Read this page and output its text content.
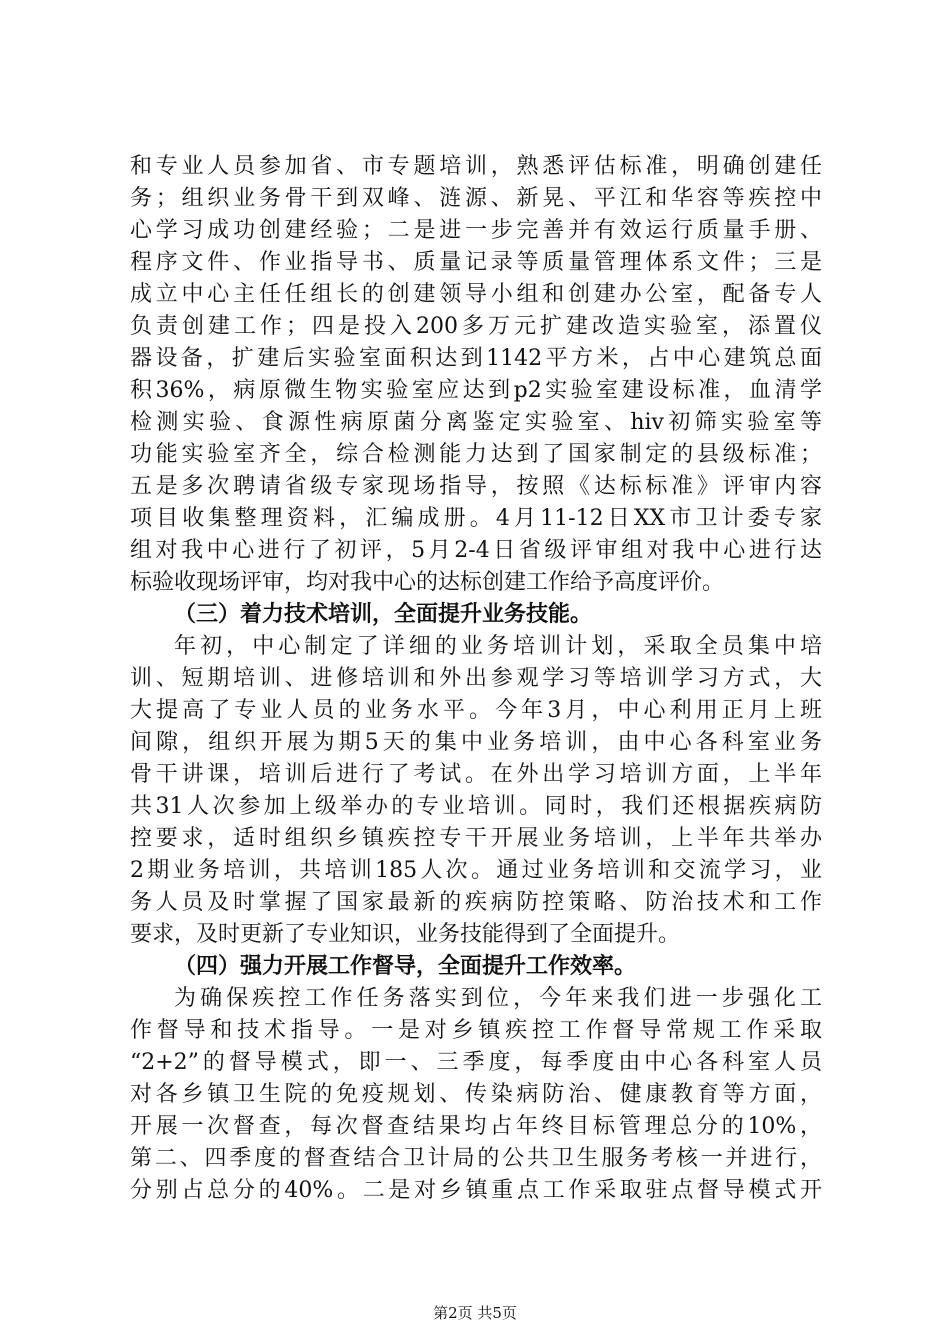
和专业人员参加省、市专题培训，熟悉评估标准，明确创建任
务；组织业务骨干到双峰、涟源、新晃、平江和华容等疾控中
心学习成功创建经验；二是进一步完善并有效运行质量手册、
程序文件、作业指导书、质量记录等质量管理体系文件；三是
成立中心主任任组长的创建领导小组和创建办公室，配备专人
负责创建工作；四是投入200多万元扩建改造实验室，添置仪
器设备，扩建后实验室面积达到1142平方米，占中心建筑总面
积36%，病原微生物实验室应达到p2实验室建设标准，血清学
检测实验、食源性病原菌分离鉴定实验室、hiv初筛实验室等
功能实验室齐全，综合检测能力达到了国家制定的县级标准；
五是多次聘请省级专家现场指导，按照《达标标准》评审内容
项目收集整理资料，汇编成册。4月11-12日XX市卫计委专家
组对我中心进行了初评，5月2-4日省级评审组对我中心进行达
标验收现场评审，均对我中心的达标创建工作给予高度评价。
（三）着力技术培训，全面提升业务技能。
年初，中心制定了详细的业务培训计划，采取全员集中培
训、短期培训、进修培训和外出参观学习等培训学习方式，大
大提高了专业人员的业务水平。今年3月，中心利用正月上班
间隙，组织开展为期5天的集中业务培训，由中心各科室业务
骨干讲课，培训后进行了考试。在外出学习培训方面，上半年
共31人次参加上级举办的专业培训。同时，我们还根据疾病防
控要求，适时组织乡镇疾控专干开展业务培训，上半年共举办
2期业务培训，共培训185人次。通过业务培训和交流学习，业
务人员及时掌握了国家最新的疾病防控策略、防治技术和工作
要求，及时更新了专业知识，业务技能得到了全面提升。
（四）强力开展工作督导，全面提升工作效率。
为确保疾控工作任务落实到位，今年来我们进一步强化工
作督导和技术指导。一是对乡镇疾控工作督导常规工作采取
“2+2”的督导模式，即一、三季度，每季度由中心各科室人员
对各乡镇卫生院的免疫规划、传染病防治、健康教育等方面，
开展一次督查，每次督查结果均占年终目标管理总分的10%，
第二、四季度的督查结合卫计局的公共卫生服务考核一并进行，
分别占总分的40%。二是对乡镇重点工作采取驻点督导模式开
第2页 共5页
